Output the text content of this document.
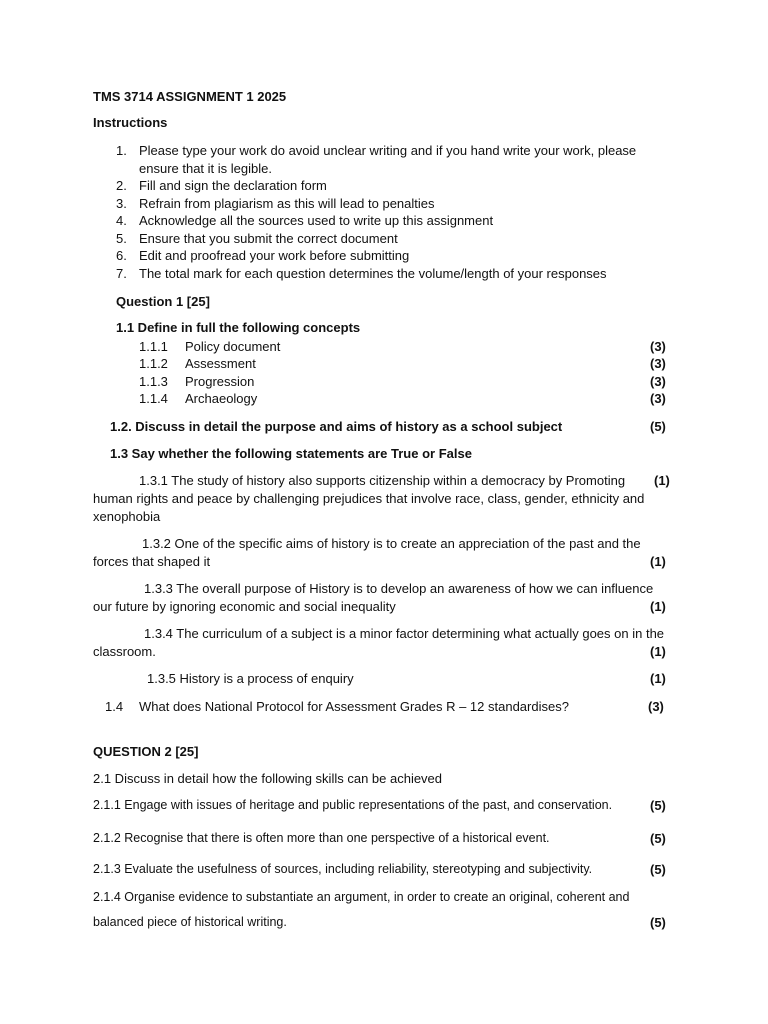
TMS 3714 ASSIGNMENT 1 2025
Instructions
1. Please type your work do avoid unclear writing and if you hand write your work, please
ensure that it is legible.
2. Fill and sign the declaration form
3. Refrain from plagiarism as this will lead to penalties
4. Acknowledge all the sources used to write up this assignment
5. Ensure that you submit the correct document
6. Edit and proofread your work before submitting
7. The total mark for each question determines the volume/length of your responses
Question 1 [25]
1.1 Define in full the following concepts
1.1.1 Policy document	(3)
1.1.2 Assessment	(3)
1.1.3 Progression	(3)
1.1.4 Archaeology	(3)
1.2. Discuss in detail the purpose and aims of history as a school subject	(5)
1.3 Say whether the following statements are True or False
1.3.1 The study of history also supports citizenship within a democracy by Promoting (1)
human rights and peace by challenging prejudices that involve race, class, gender, ethnicity and
xenophobia
1.3.2 One of the specific aims of history is to create an appreciation of the past and the
forces that shaped it	(1)
1.3.3 The overall purpose of History is to develop an awareness of how we can influence
our future by ignoring economic and social inequality	(1)
1.3.4 The curriculum of a subject is a minor factor determining what actually goes on in the
classroom.	(1)
1.3.5 History is a process of enquiry	(1)
1.4 What does National Protocol for Assessment Grades R – 12 standardises?	(3)
QUESTION 2 [25]
2.1 Discuss in detail how the following skills can be achieved
2.1.1 Engage with issues of heritage and public representations of the past, and conservation.	(5)
2.1.2 Recognise that there is often more than one perspective of a historical event.	(5)
2.1.3 Evaluate the usefulness of sources, including reliability, stereotyping and subjectivity.	(5)
2.1.4 Organise evidence to substantiate an argument, in order to create an original, coherent and
balanced piece of historical writing.	(5)
